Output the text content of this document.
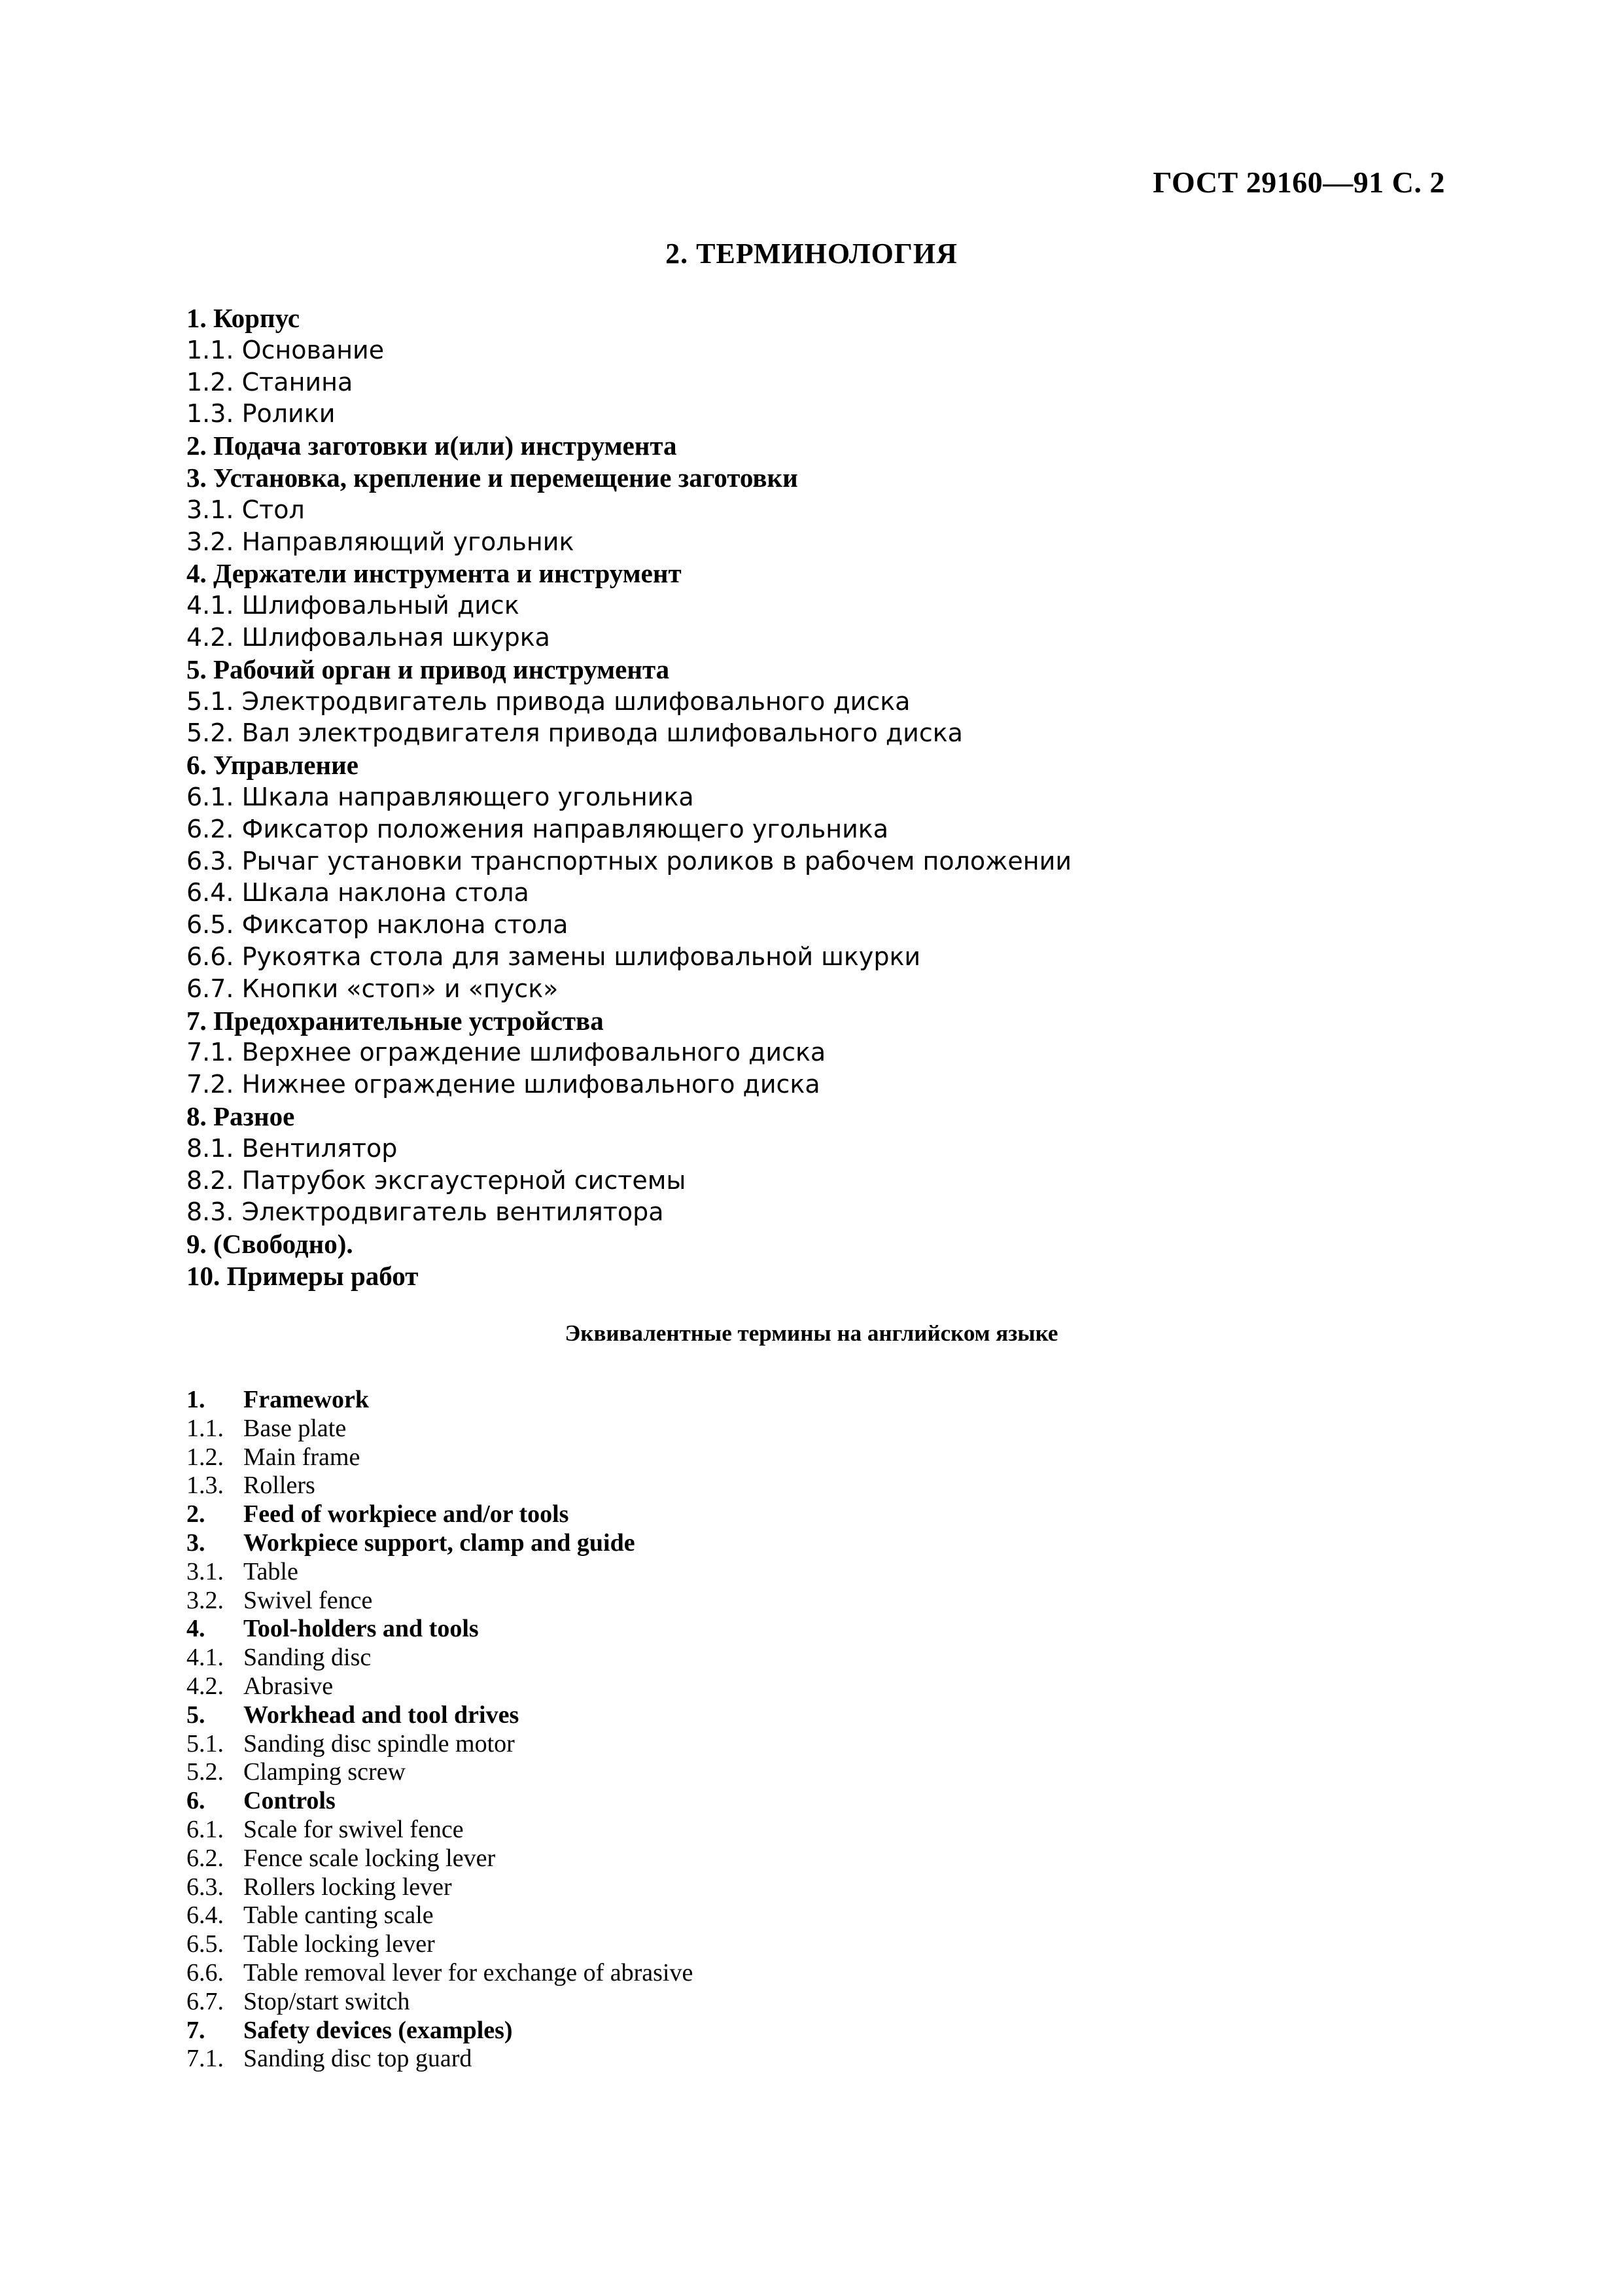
ГОСТ 29160—91 С. 2
2. ТЕРМИНОЛОГИЯ
1. Корпус
1.1. Основание
1.2. Станина
1.3. Ролики
2. Подача заготовки и(или) инструмента
3. Установка, крепление и перемещение заготовки
3.1. Стол
3.2. Направляющий угольник
4. Держатели инструмента и инструмент
4.1. Шлифовальный диск
4.2. Шлифовальная шкурка
5. Рабочий орган и привод инструмента
5.1. Электродвигатель привода шлифовального диска
5.2. Вал электродвигателя привода шлифовального диска
6. Управление
6.1. Шкала направляющего угольника
6.2. Фиксатор положения направляющего угольника
6.3. Рычаг установки транспортных роликов в рабочем положении
6.4. Шкала наклона стола
6.5. Фиксатор наклона стола
6.6. Рукоятка стола для замены шлифовальной шкурки
6.7. Кнопки «стоп» и «пуск»
7. Предохранительные устройства
7.1. Верхнее ограждение шлифовального диска
7.2. Нижнее ограждение шлифовального диска
8. Разное
8.1. Вентилятор
8.2. Патрубок эксгаустерной системы
8.3. Электродвигатель вентилятора
9. (Свободно).
10. Примеры работ
Эквивалентные термины на английском языке
1.	Framework
1.1. Base plate
1.2. Main frame
1.3. Rollers
2.	Feed of workpiece and/or tools
3.	Workpiece support, clamp and guide
3.1. Table
3.2. Swivel fence
4.	Tool-holders and tools
4.1. Sanding disc
4.2. Abrasive
5.	Workhead and tool drives
5.1. Sanding disc spindle motor
5.2. Clamping screw
6.	Controls
6.1. Scale for swivel fence
6.2. Fence scale locking lever
6.3. Rollers locking lever
6.4. Table canting scale
6.5. Table locking lever
6.6. Table removal lever for exchange of abrasive
6.7. Stop/start switch
7.	Safety devices (examples)
7.1. Sanding disc top guard
